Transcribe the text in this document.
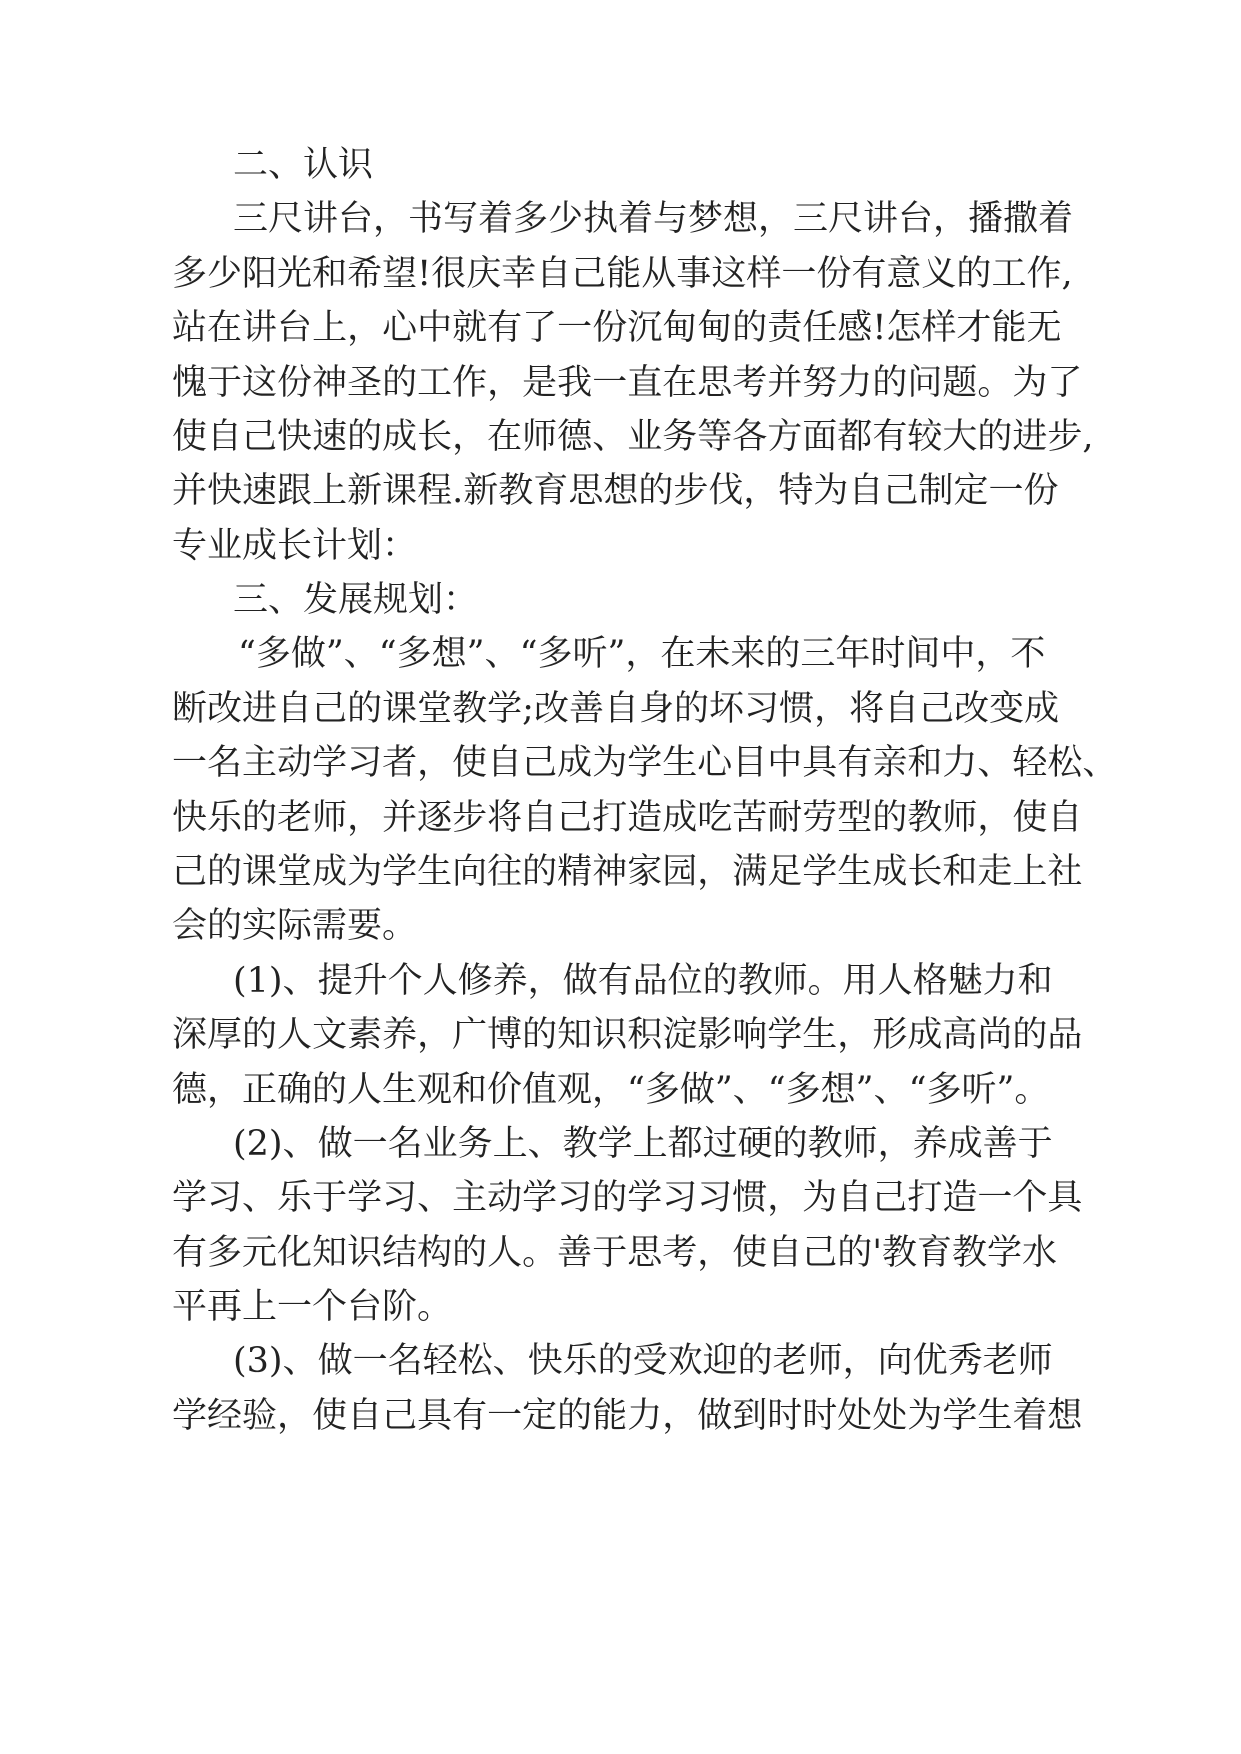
二、认识

三尺讲台，书写着多少执着与梦想，三尺讲台，播撒着

多 少 阳 光 和 希 望 ! 很 庆 幸 自 己 能 从 事 这 样 一 份 有 意 义 的 工 作 ,

站 在 讲 台 上 ， 心 中 就 有 了 一 份 沉 甸 甸 的 责 任 感 ! 怎 样 才 能 无

愧 于 这 份 神 圣 的 工 作 ， 是 我 一 直 在 思 考 并 努 力 的 问 题 。 为 了

使 自 己 快 速 的 成 长 ， 在 师 德 、 业 务 等 各 方 面 都 有 较 大 的 进 步 ,

并 快 速 跟 上 新 课 程 . 新 教 育 思 想 的 步 伐 ， 特 为 自 己 制 定 一 份

专业成长计划：

三、发展规划：

“多做”、“多想”、“多听”，在未来的三年时间中，不

断 改 进 自 己 的 课 堂 教 学 ; 改 善 自 身 的 坏 习 惯 ， 将 自 己 改 变 成

一 名 主 动 学 习 者 ， 使 自 己 成 为 学 生 心 目 中 具 有 亲 和 力 、 轻 松 、

快 乐 的 老 师 ， 并 逐 步 将 自 己 打 造 成 吃 苦 耐 劳 型 的 教 师 ， 使 自

己 的 课 堂 成 为 学 生 向 往 的 精 神 家 园 ， 满 足 学 生 成 长 和 走 上 社

会的实际需要。

(1)、提升个人修养，做有品位的教师。用人格魅力和

深 厚 的 人 文 素 养 ， 广 博 的 知 识 积 淀 影 响 学 生 ， 形 成 高 尚 的 品

德，正确的人生观和价值观，“多做”、“多想”、“多听”。

(2)、做一名业务上、教学上都过硬的教师，养成善于

学 习 、 乐 于 学 习 、 主 动 学 习 的 学 习 习 惯 ， 为 自 己 打 造 一 个 具

有 多 元 化 知 识 结 构 的 人 。 善 于 思 考 ， 使 自 己 的 ' 教 育 教 学 水

平再上一个台阶。

(3)、做一名轻松、快乐的受欢迎的老师，向优秀老师

学 经 验 ， 使 自 己 具 有 一 定 的 能 力 ， 做 到 时 时 处 处 为 学 生 着 想
